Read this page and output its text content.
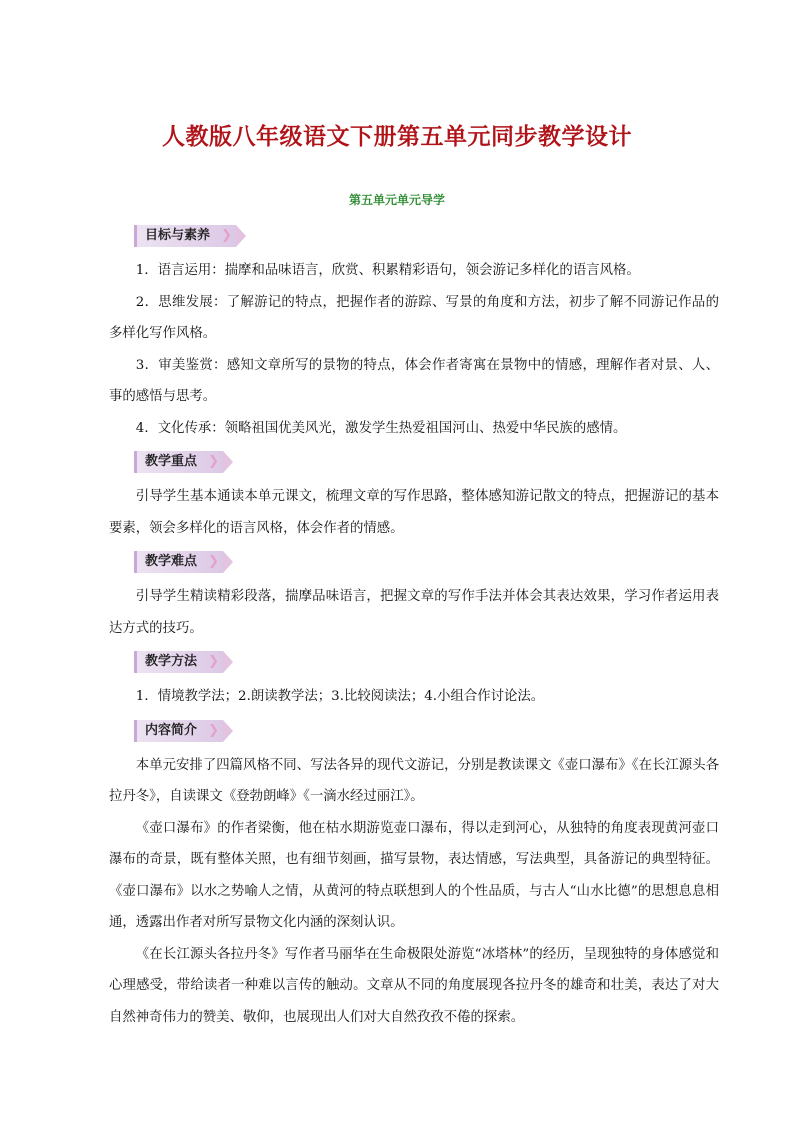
人教版八年级语文下册第五单元同步教学设计
第五单元单元导学
目标与素养 ❯

1．语言运用：揣摩和品味语言，欣赏、积累精彩语句，领会游记多样化的语言风格。

2．思维发展：了解游记的特点，把握作者的游踪、写景的角度和方法，初步了解不同游记作品的多样化写作风格。

3．审美鉴赏：感知文章所写的景物的特点，体会作者寄寓在景物中的情感，理解作者对景、人、事的感悟与思考。

4．文化传承：领略祖国优美风光，激发学生热爱祖国河山、热爱中华民族的感情。

教学重点 ❯

引导学生基本通读本单元课文，梳理文章的写作思路，整体感知游记散文的特点，把握游记的基本要素，领会多样化的语言风格，体会作者的情感。

教学难点 ❯

引导学生精读精彩段落，揣摩品味语言，把握文章的写作手法并体会其表达效果，学习作者运用表达方式的技巧。

教学方法 ❯

1．情境教学法；2.朗读教学法；3.比较阅读法；4.小组合作讨论法。

内容简介 ❯

本单元安排了四篇风格不同、写法各异的现代文游记，分别是教读课文《壶口瀑布》《在长江源头各拉丹冬》，自读课文《登勃朗峰》《一滴水经过丽江》。

《壶口瀑布》的作者梁衡，他在枯水期游览壶口瀑布，得以走到河心，从独特的角度表现黄河壶口瀑布的奇景，既有整体关照，也有细节刻画，描写景物，表达情感，写法典型，具备游记的典型特征。《壶口瀑布》以水之势喻人之情，从黄河的特点联想到人的个性品质，与古人“山水比德”的思想息息相通，透露出作者对所写景物文化内涵的深刻认识。

《在长江源头各拉丹冬》写作者马丽华在生命极限处游览“冰塔林”的经历，呈现独特的身体感觉和心理感受，带给读者一种难以言传的触动。文章从不同的角度展现各拉丹冬的雄奇和壮美，表达了对大自然神奇伟力的赞美、敬仰，也展现出人们对大自然孜孜不倦的探索。
